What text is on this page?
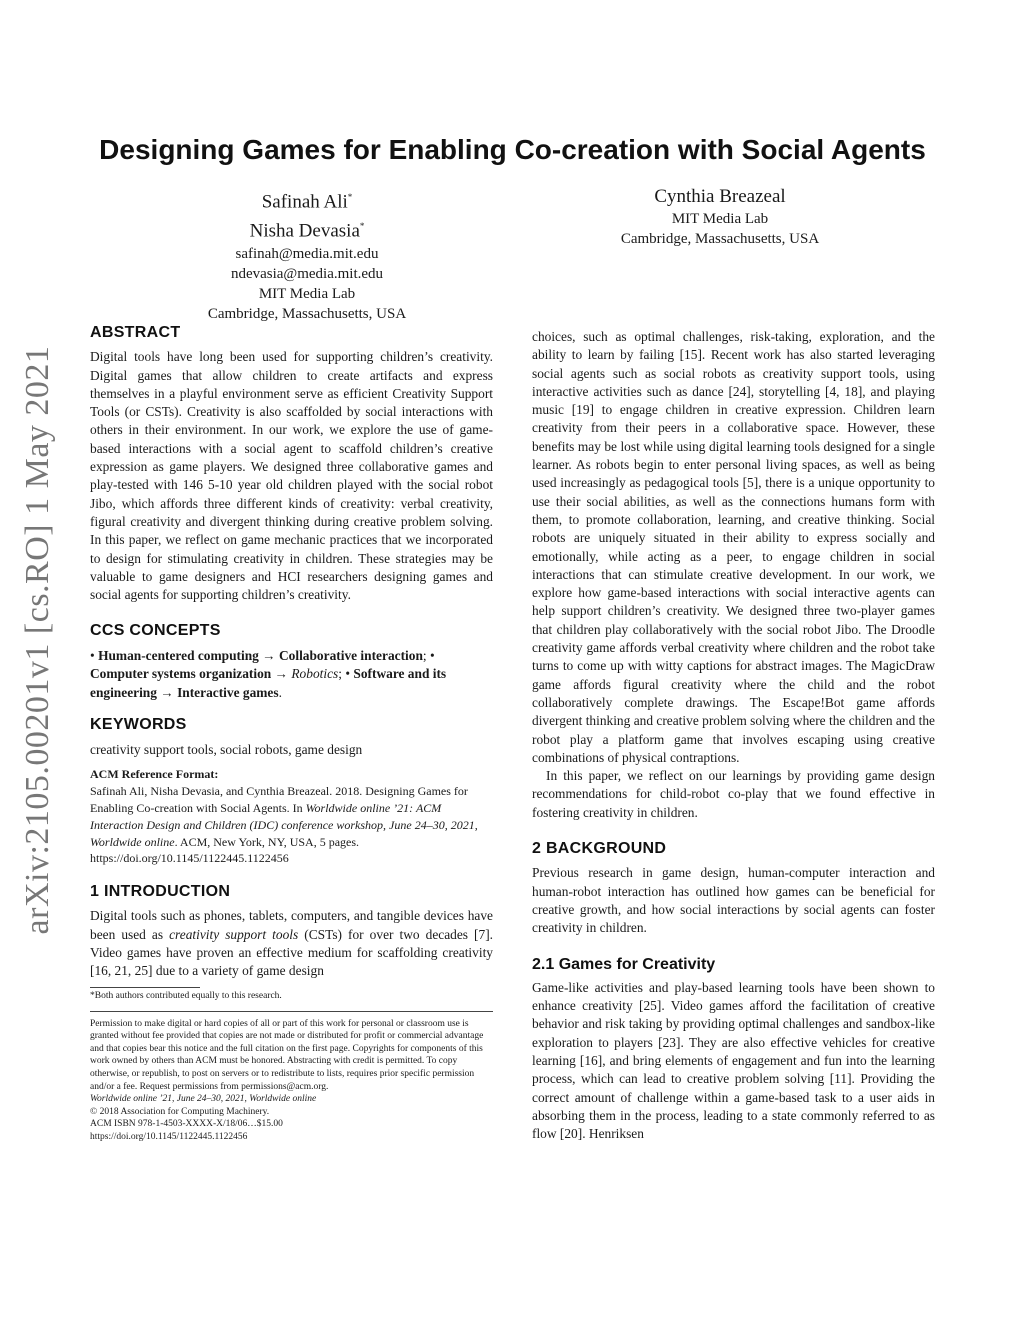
arXiv:2105.00201v1 [cs.RO] 1 May 2021
Designing Games for Enabling Co-creation with Social Agents
Safinah Ali*
Nisha Devasia*
safinah@media.mit.edu
ndevasia@media.mit.edu
MIT Media Lab
Cambridge, Massachusetts, USA
Cynthia Breazeal
MIT Media Lab
Cambridge, Massachusetts, USA
ABSTRACT

Digital tools have long been used for supporting children’s creativity. Digital games that allow children to create artifacts and express themselves in a playful environment serve as efficient Creativity Support Tools (or CSTs). Creativity is also scaffolded by social interactions with others in their environment. In our work, we explore the use of game-based interactions with a social agent to scaffold children’s creative expression as game players. We designed three collaborative games and play-tested with 146 5-10 year old children played with the social robot Jibo, which affords three different kinds of creativity: verbal creativity, figural creativity and divergent thinking during creative problem solving. In this paper, we reflect on game mechanic practices that we incorporated to design for stimulating creativity in children. These strategies may be valuable to game designers and HCI researchers designing games and social agents for supporting children’s creativity.

CCS CONCEPTS
• Human-centered computing → Collaborative interaction; • Computer systems organization → Robotics; • Software and its engineering → Interactive games.
KEYWORDS

creativity support tools, social robots, game design

ACM Reference Format:
Safinah Ali, Nisha Devasia, and Cynthia Breazeal. 2018. Designing Games for Enabling Co-creation with Social Agents. In Worldwide online ’21: ACM Interaction Design and Children (IDC) conference workshop, June 24–30, 2021, Worldwide online. ACM, New York, NY, USA, 5 pages. https://doi.org/10.1145/1122445.1122456
1 INTRODUCTION

Digital tools such as phones, tablets, computers, and tangible devices have been used as creativity support tools (CSTs) for over two decades [7]. Video games have proven an effective medium for scaffolding creativity [16, 21, 25] due to a variety of game design

*Both authors contributed equally to this research.
Permission to make digital or hard copies of all or part of this work for personal or classroom use is granted without fee provided that copies are not made or distributed for profit or commercial advantage and that copies bear this notice and the full citation on the first page. Copyrights for components of this work owned by others than ACM must be honored. Abstracting with credit is permitted. To copy otherwise, or republish, to post on servers or to redistribute to lists, requires prior specific permission and/or a fee. Request permissions from permissions@acm.org.
Worldwide online ’21, June 24–30, 2021, Worldwide online
© 2018 Association for Computing Machinery.
ACM ISBN 978-1-4503-XXXX-X/18/06…$15.00
https://doi.org/10.1145/1122445.1122456

choices, such as optimal challenges, risk-taking, exploration, and the ability to learn by failing [15]. Recent work has also started leveraging social agents such as social robots as creativity support tools, using interactive activities such as dance [24], storytelling [4, 18], and playing music [19] to engage children in creative expression. Children learn creativity from their peers in a collaborative space. However, these benefits may be lost while using digital learning tools designed for a single learner. As robots begin to enter personal living spaces, as well as being used increasingly as pedagogical tools [5], there is a unique opportunity to use their social abilities, as well as the connections humans form with them, to promote collaboration, learning, and creative thinking. Social robots are uniquely situated in their ability to express socially and emotionally, while acting as a peer, to engage children in social interactions that can stimulate creative development. In our work, we explore how game-based interactions with social interactive agents can help support children’s creativity. We designed three two-player games that children play collaboratively with the social robot Jibo. The Droodle creativity game affords verbal creativity where children and the robot take turns to come up with witty captions for abstract images. The MagicDraw game affords figural creativity where the child and the robot collaboratively complete drawings. The Escape!Bot game affords divergent thinking and creative problem solving where the children and the robot play a platform game that involves escaping using creative combinations of physical contraptions.

In this paper, we reflect on our learnings by providing game design recommendations for child-robot co-play that we found effective in fostering creativity in children.

2 BACKGROUND

Previous research in game design, human-computer interaction and human-robot interaction has outlined how games can be beneficial for creative growth, and how social interactions by social agents can foster creativity in children.

2.1 Games for Creativity

Game-like activities and play-based learning tools have been shown to enhance creativity [25]. Video games afford the facilitation of creative behavior and risk taking by providing optimal challenges and sandbox-like exploration to players [23]. They are also effective vehicles for creative learning [16], and bring elements of engagement and fun into the learning process, which can lead to creative problem solving [11]. Providing the correct amount of challenge within a game-based task to a user aids in absorbing them in the process, leading to a state commonly referred to as flow [20]. Henriksen
